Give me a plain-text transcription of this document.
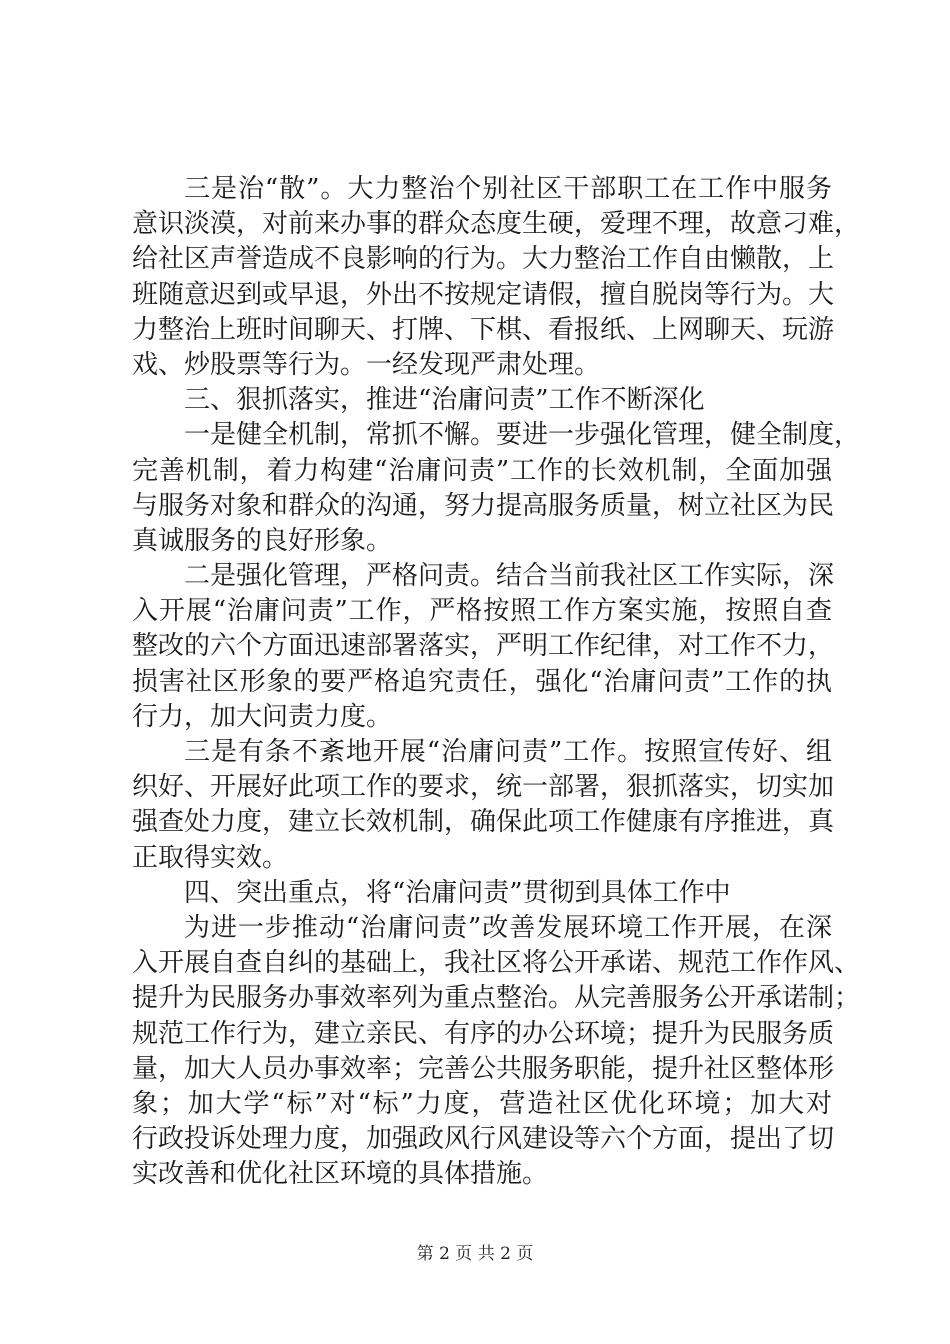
三是治“散”。大力整治个别社区干部职工在工作中服务
意识淡漠，对前来办事的群众态度生硬，爱理不理，故意刁难，
给社区声誉造成不良影响的行为。大力整治工作自由懒散，上
班随意迟到或早退，外出不按规定请假，擅自脱岗等行为。大
力整治上班时间聊天、打牌、下棋、看报纸、上网聊天、玩游
戏、炒股票等行为。一经发现严肃处理。
三、狠抓落实，推进“治庸问责”工作不断深化
一是健全机制，常抓不懈。要进一步强化管理，健全制度，
完善机制，着力构建“治庸问责”工作的长效机制，全面加强
与服务对象和群众的沟通，努力提高服务质量，树立社区为民
真诚服务的良好形象。
二是强化管理，严格问责。结合当前我社区工作实际，深
入开展“治庸问责”工作，严格按照工作方案实施，按照自查
整改的六个方面迅速部署落实，严明工作纪律，对工作不力，
损害社区形象的要严格追究责任，强化“治庸问责”工作的执
行力，加大问责力度。
三是有条不紊地开展“治庸问责”工作。按照宣传好、组
织好、开展好此项工作的要求，统一部署，狠抓落实，切实加
强查处力度，建立长效机制，确保此项工作健康有序推进，真
正取得实效。
四、突出重点，将“治庸问责”贯彻到具体工作中
为进一步推动“治庸问责”改善发展环境工作开展，在深
入开展自查自纠的基础上，我社区将公开承诺、规范工作作风、
提升为民服务办事效率列为重点整治。从完善服务公开承诺制；
规范工作行为，建立亲民、有序的办公环境；提升为民服务质
量，加大人员办事效率；完善公共服务职能，提升社区整体形
象；加大学“标”对“标”力度，营造社区优化环境；加大对
行政投诉处理力度，加强政风行风建设等六个方面，提出了切
实改善和优化社区环境的具体措施。
第 2 页 共 2 页
